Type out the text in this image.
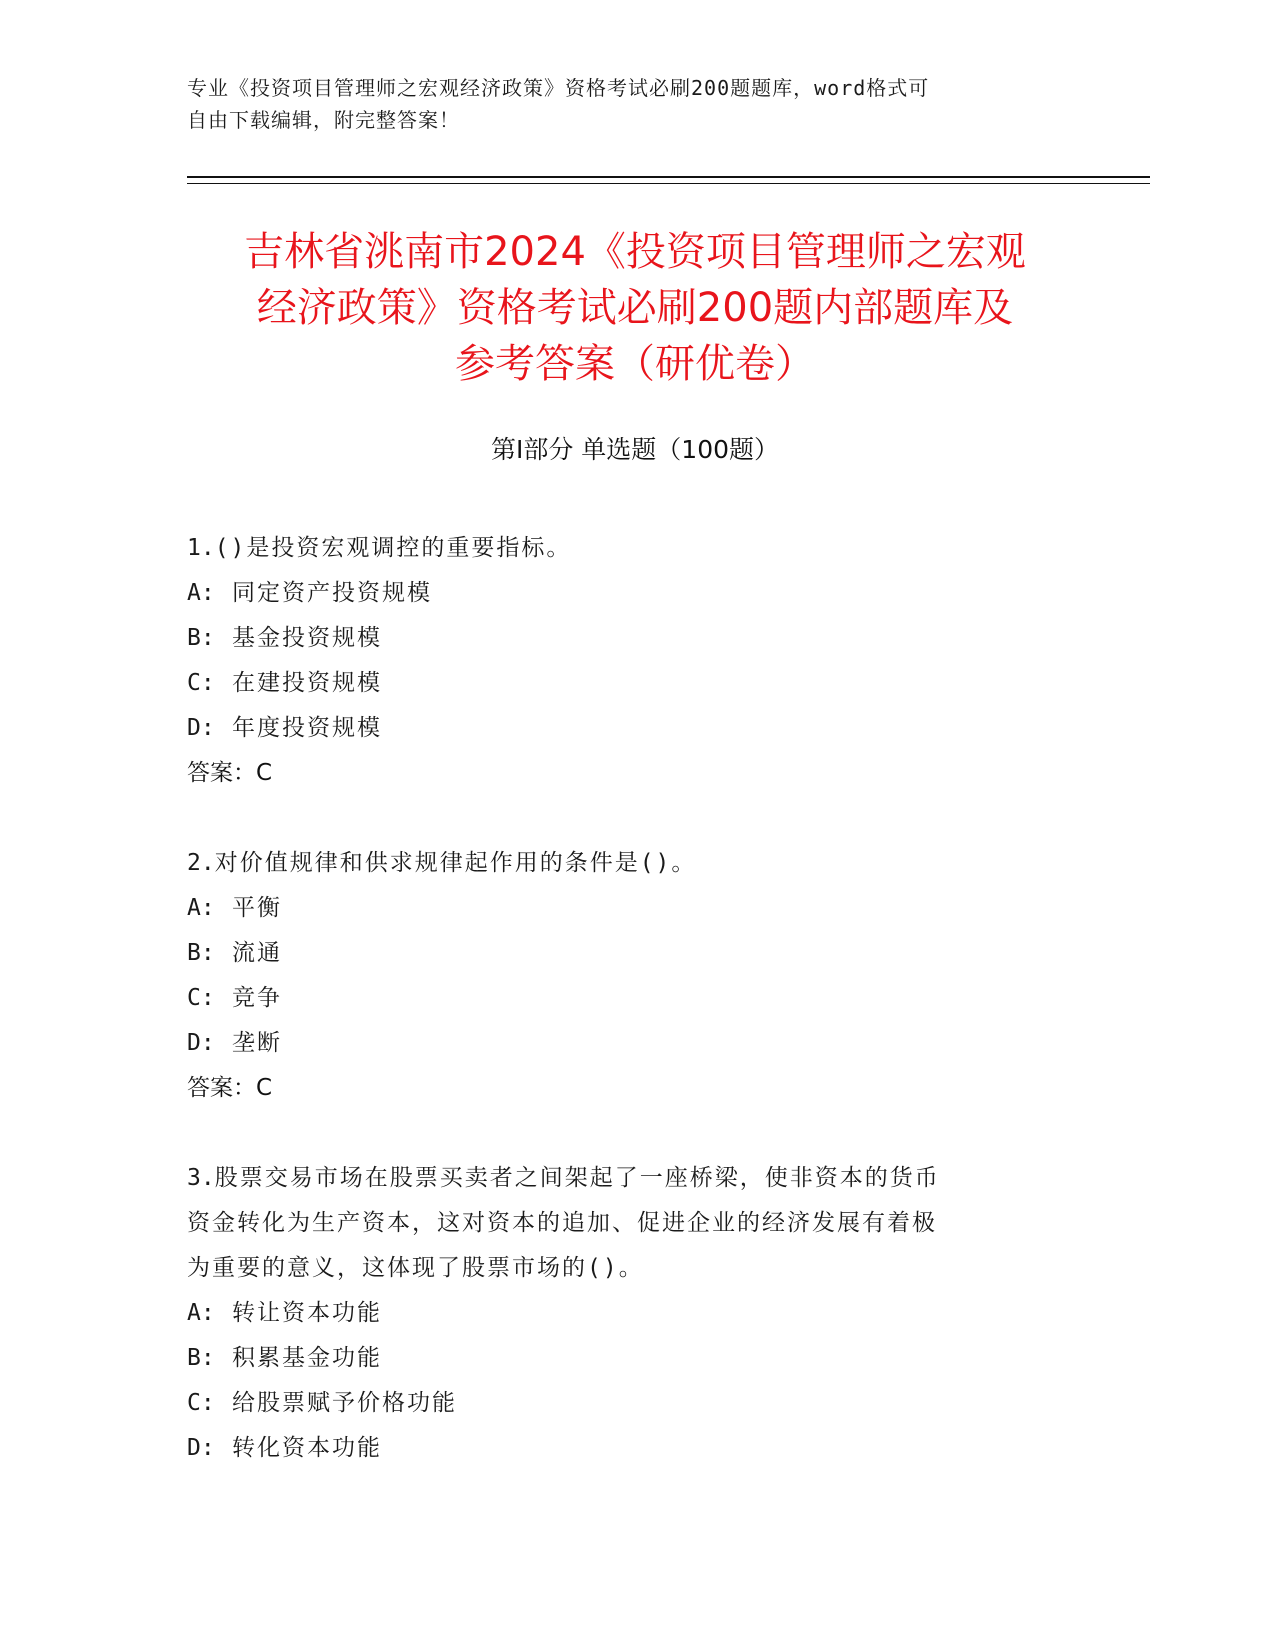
专业《投资项目管理师之宏观经济政策》资格考试必刷200题题库，word格式可
自由下载编辑，附完整答案！
吉林省洮南市2024《投资项目管理师之宏观
经济政策》资格考试必刷200题内部题库及
参考答案（研优卷）
第Ⅰ部分 单选题（100题）
1.()是投资宏观调控的重要指标。
A: 同定资产投资规模
B: 基金投资规模
C: 在建投资规模
D: 年度投资规模
答案：C
2.对价值规律和供求规律起作用的条件是()。
A: 平衡
B: 流通
C: 竞争
D: 垄断
答案：C
3.股票交易市场在股票买卖者之间架起了一座桥梁，使非资本的货币
资金转化为生产资本，这对资本的追加、促进企业的经济发展有着极
为重要的意义，这体现了股票市场的()。
A: 转让资本功能
B: 积累基金功能
C: 给股票赋予价格功能
D: 转化资本功能
